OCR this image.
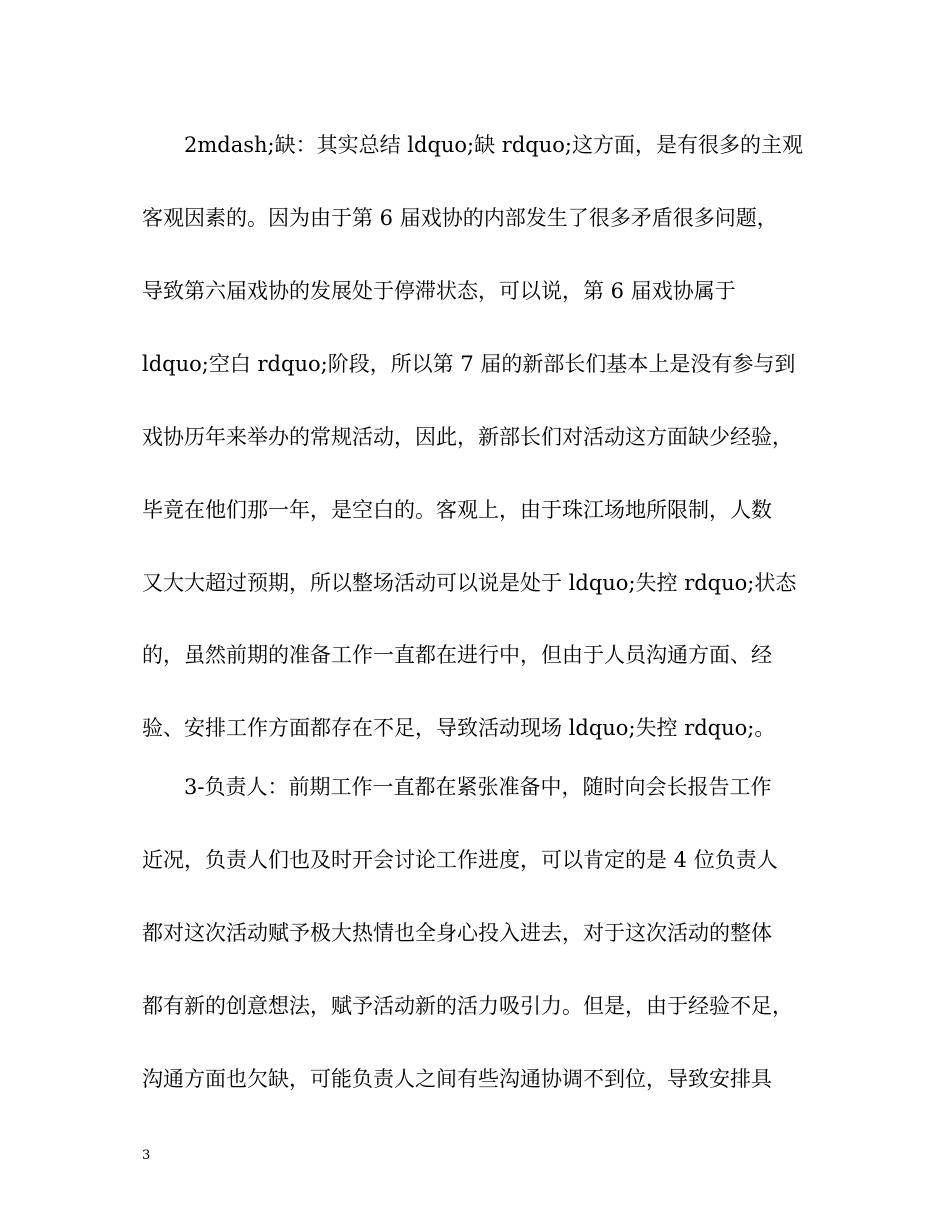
2mdash;缺：其实总结 ldquo;缺 rdquo;这方面，是有很多的主观
客观因素的。因为由于第 6 届戏协的内部发生了很多矛盾很多问题，
导致第六届戏协的发展处于停滞状态，可以说，第 6 届戏协属于
ldquo;空白 rdquo;阶段，所以第 7 届的新部长们基本上是没有参与到
戏协历年来举办的常规活动，因此，新部长们对活动这方面缺少经验，
毕竟在他们那一年，是空白的。客观上，由于珠江场地所限制，人数
又大大超过预期，所以整场活动可以说是处于 ldquo;失控 rdquo;状态
的，虽然前期的准备工作一直都在进行中，但由于人员沟通方面、经
验、安排工作方面都存在不足，导致活动现场 ldquo;失控 rdquo;。
3-负责人：前期工作一直都在紧张准备中，随时向会长报告工作
近况，负责人们也及时开会讨论工作进度，可以肯定的是 4 位负责人
都对这次活动赋予极大热情也全身心投入进去，对于这次活动的整体
都有新的创意想法，赋予活动新的活力吸引力。但是，由于经验不足，
沟通方面也欠缺，可能负责人之间有些沟通协调不到位，导致安排具
3
